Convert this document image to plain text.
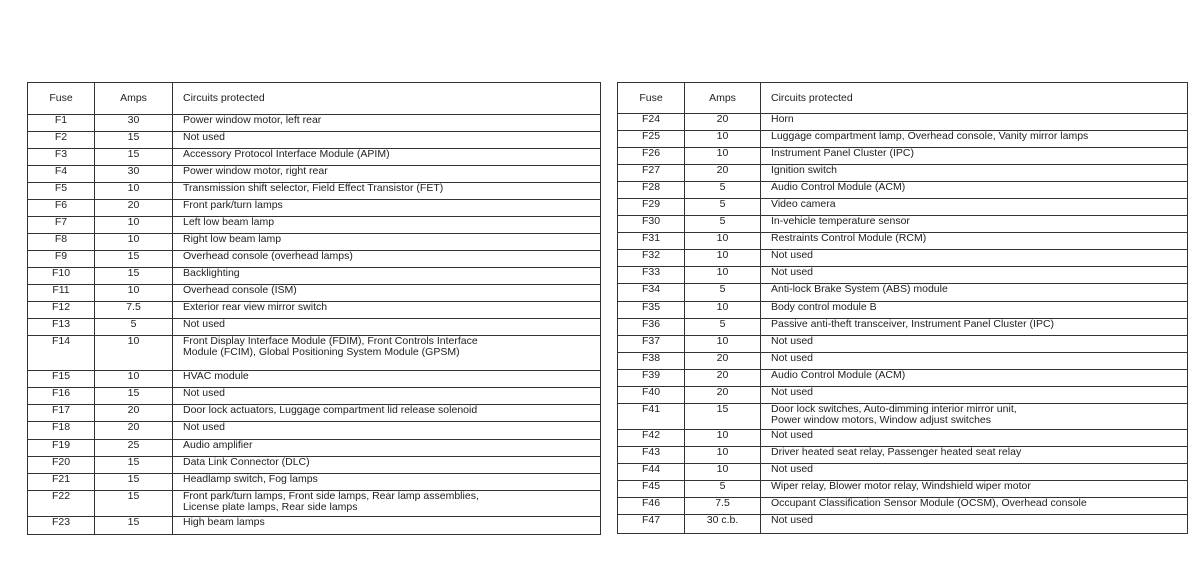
Fuse	Amps	Circuits protected
F1	30	Power window motor, left rear
F2	15	Not used
F3	15	Accessory Protocol Interface Module (APIM)
F4	30	Power window motor, right rear
F5	10	Transmission shift selector, Field Effect Transistor (FET)
F6	20	Front park/turn lamps
F7	10	Left low beam lamp
F8	10	Right low beam lamp
F9	15	Overhead console (overhead lamps)
F10	15	Backlighting
F11	10	Overhead console (ISM)
F12	7.5	Exterior rear view mirror switch
F13	5	Not used
F14	10	Front Display Interface Module (FDIM), Front Controls Interface
Module (FCIM), Global Positioning System Module (GPSM)
F15	10	HVAC module
F16	15	Not used
F17	20	Door lock actuators, Luggage compartment lid release solenoid
F18	20	Not used
F19	25	Audio amplifier
F20	15	Data Link Connector (DLC)
F21	15	Headlamp switch, Fog lamps
F22	15	Front park/turn lamps, Front side lamps, Rear lamp assemblies,
License plate lamps, Rear side lamps
F23	15	High beam lamps
Fuse	Amps	Circuits protected
F24	20	Horn
F25	10	Luggage compartment lamp, Overhead console, Vanity mirror lamps
F26	10	Instrument Panel Cluster (IPC)
F27	20	Ignition switch
F28	5	Audio Control Module (ACM)
F29	5	Video camera
F30	5	In-vehicle temperature sensor
F31	10	Restraints Control Module (RCM)
F32	10	Not used
F33	10	Not used
F34	5	Anti-lock Brake System (ABS) module
F35	10	Body control module B
F36	5	Passive anti-theft transceiver, Instrument Panel Cluster (IPC)
F37	10	Not used
F38	20	Not used
F39	20	Audio Control Module (ACM)
F40	20	Not used
F41	15	Door lock switches, Auto-dimming interior mirror unit,
Power window motors, Window adjust switches
F42	10	Not used
F43	10	Driver heated seat relay, Passenger heated seat relay
F44	10	Not used
F45	5	Wiper relay, Blower motor relay, Windshield wiper motor
F46	7.5	Occupant Classification Sensor Module (OCSM), Overhead console
F47	30 c.b.	Not used
